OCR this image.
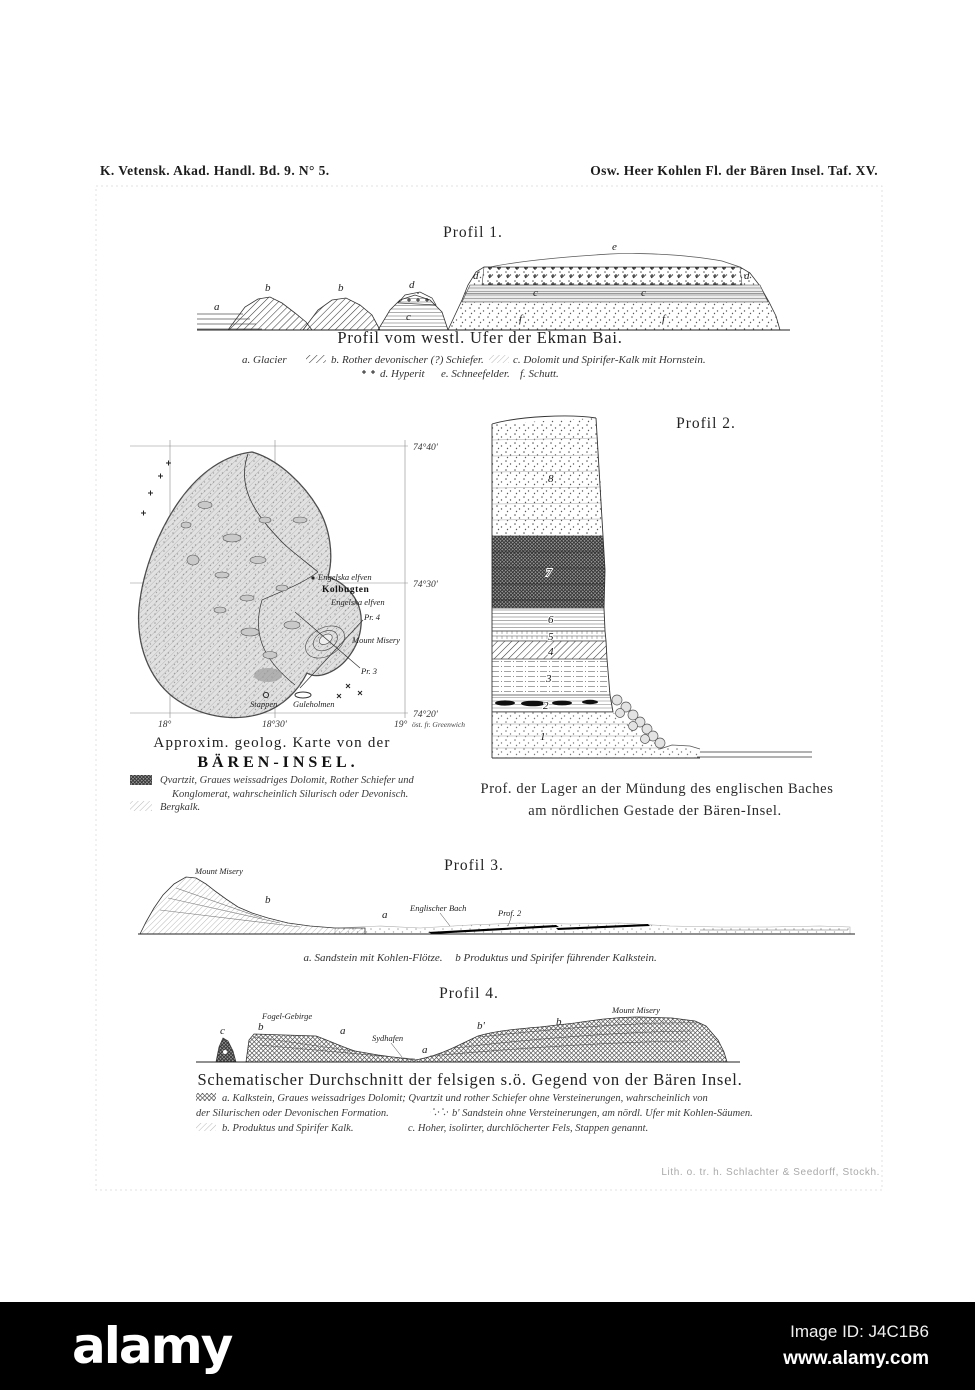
K. Vetensk. Akad. Handl. Bd. 9. N° 5.	Osw. Heer Kohlen Fl. der Bären Insel. Taf. XV.
Profil 1.
a
b	b	d
c
e
d	d
c	c
f	f
Profil vom westl. Ufer der Ekman Bai.
a. Glacier	b. Rother devonischer (?) Schiefer.	c. Dolomit und Spirifer-Kalk mit Hornstein.
d. Hyperit e. Schneefelder. f. Schutt.
74°40'
74°30'
74°20'
18°	18°30'	19° öst. fr. Greenwich
Engelska elfven
Kolbugten
Engelska elfven
Pr. 4
Mount Misery
Pr. 3
Stappen Guleholmen
Approxim. geolog. Karte von der
BÄREN-INSEL.
Qvartzit, Graues weissadriges Dolomit, Rother Schiefer und
Konglomerat, wahrscheinlich Silurisch oder Devonisch.
Bergkalk.
Profil 2.
8
7
6
5
4
3
2
1
Prof. der Lager an der Mündung des englischen Baches
am nördlichen Gestade der Bären-Insel.
Profil 3.
Mount Misery
b
a
Englischer Bach	Prof. 2
a. Sandstein mit Kohlen-Flötze. b Produktus und Spirifer führender Kalkstein.
Profil 4.
c
Fogel-Gebirge
b	a
Sydhafen
a
b'	b
Mount Misery
Schematischer Durchschnitt der felsigen s.ö. Gegend von der Bären Insel.
a. Kalkstein, Graues weissadriges Dolomit; Qvartzit und rother Schiefer ohne Versteinerungen, wahrscheinlich von
der Silurischen oder Devonischen Formation.	b' Sandstein ohne Versteinerungen, am nördl. Ufer mit Kohlen-Säumen.
b. Produktus und Spirifer Kalk.	c. Hoher, isolirter, durchlöcherter Fels, Stappen genannt.
Lith. o. tr. h. Schlachter & Seedorff, Stockh.
alamy	Image ID: J4C1B6
www.alamy.com
